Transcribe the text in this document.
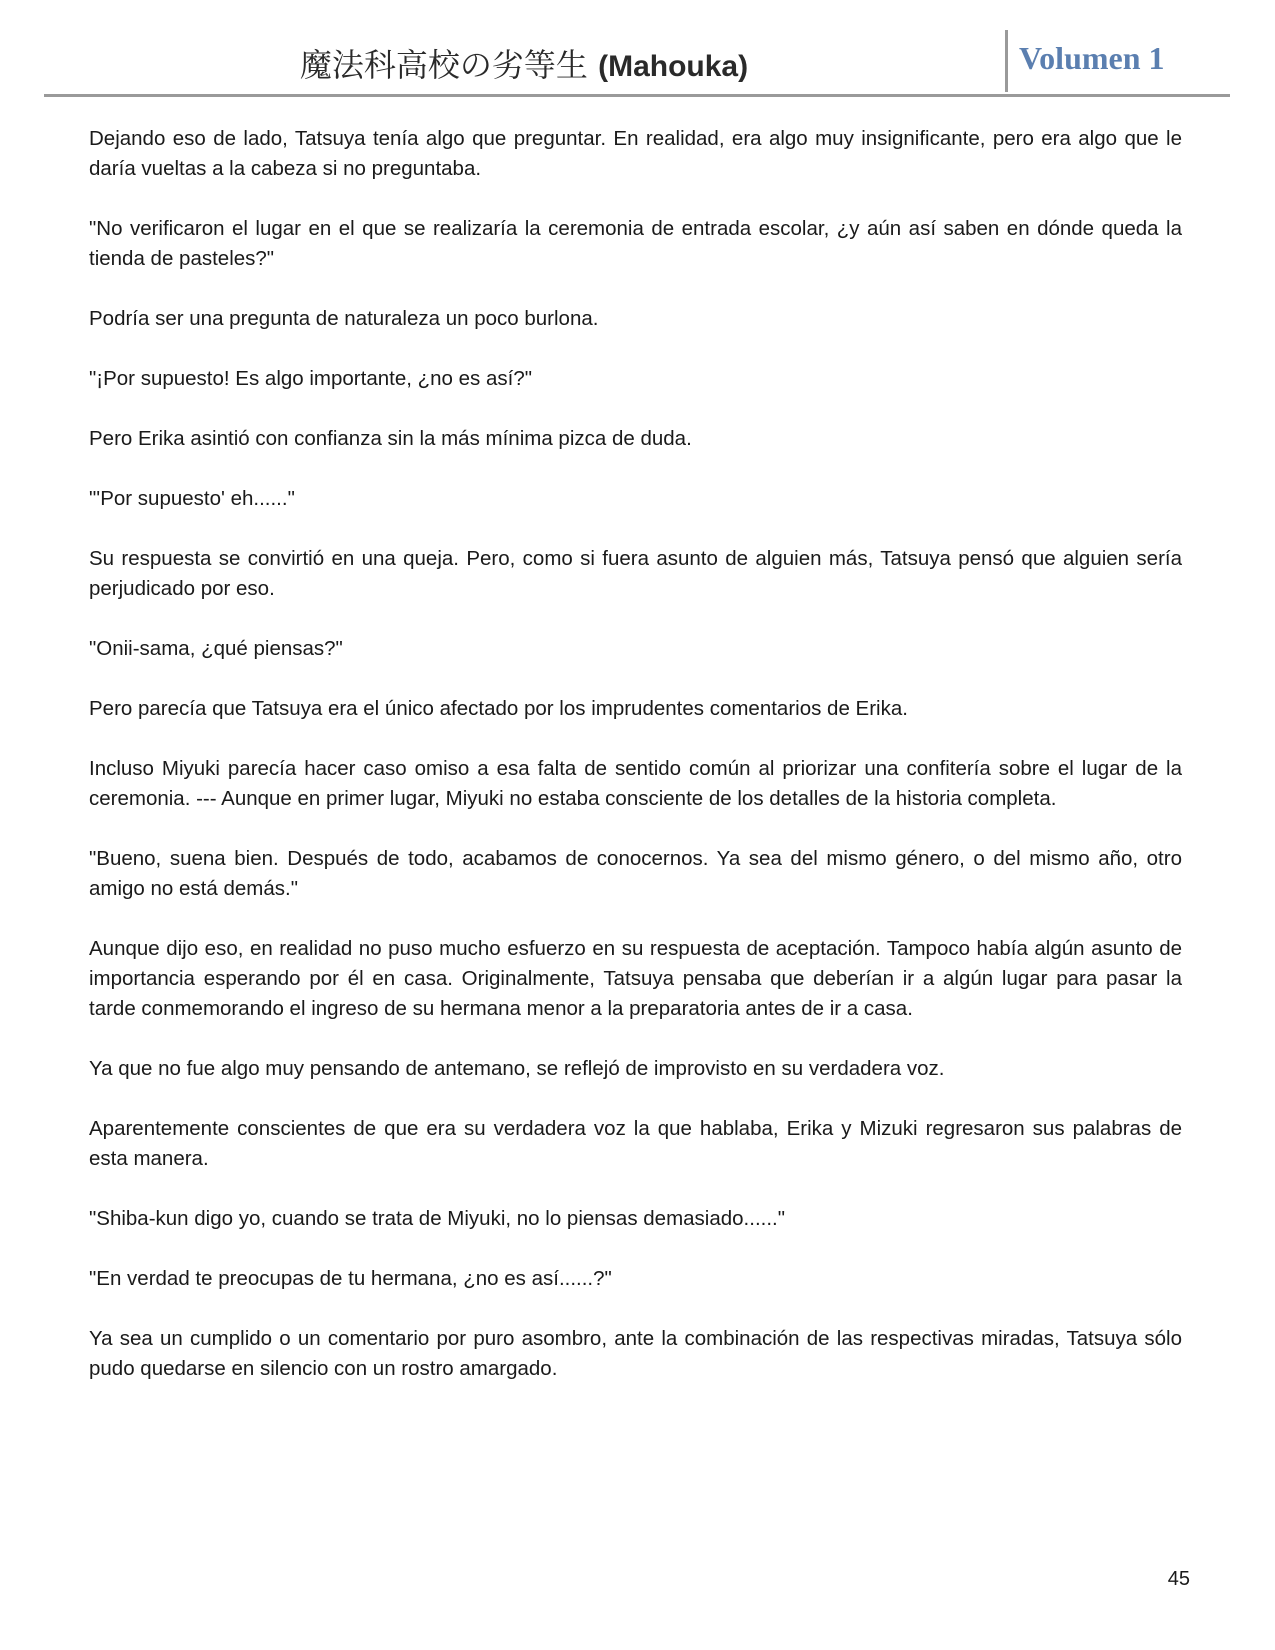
魔法科高校の劣等生 (Mahouka)	Volumen 1

Dejando eso de lado, Tatsuya tenía algo que preguntar. En realidad, era algo muy insignificante, pero era algo que le daría vueltas a la cabeza si no preguntaba.

"No verificaron el lugar en el que se realizaría la ceremonia de entrada escolar, ¿y aún así saben en dónde queda la tienda de pasteles?"

Podría ser una pregunta de naturaleza un poco burlona.

"¡Por supuesto! Es algo importante, ¿no es así?"

Pero Erika asintió con confianza sin la más mínima pizca de duda.

"'Por supuesto' eh......"

Su respuesta se convirtió en una queja. Pero, como si fuera asunto de alguien más, Tatsuya pensó que alguien sería perjudicado por eso.

"Onii-sama, ¿qué piensas?"

Pero parecía que Tatsuya era el único afectado por los imprudentes comentarios de Erika.

Incluso Miyuki parecía hacer caso omiso a esa falta de sentido común al priorizar una confitería sobre el lugar de la ceremonia. --- Aunque en primer lugar, Miyuki no estaba consciente de los detalles de la historia completa.

"Bueno, suena bien. Después de todo, acabamos de conocernos. Ya sea del mismo género, o del mismo año, otro amigo no está demás."

Aunque dijo eso, en realidad no puso mucho esfuerzo en su respuesta de aceptación. Tampoco había algún asunto de importancia esperando por él en casa. Originalmente, Tatsuya pensaba que deberían ir a algún lugar para pasar la tarde conmemorando el ingreso de su hermana menor a la preparatoria antes de ir a casa.

Ya que no fue algo muy pensando de antemano, se reflejó de improvisto en su verdadera voz.

Aparentemente conscientes de que era su verdadera voz la que hablaba, Erika y Mizuki regresaron sus palabras de esta manera.

"Shiba-kun digo yo, cuando se trata de Miyuki, no lo piensas demasiado......"

"En verdad te preocupas de tu hermana, ¿no es así......?"

Ya sea un cumplido o un comentario por puro asombro, ante la combinación de las respectivas miradas, Tatsuya sólo pudo quedarse en silencio con un rostro amargado.

45
